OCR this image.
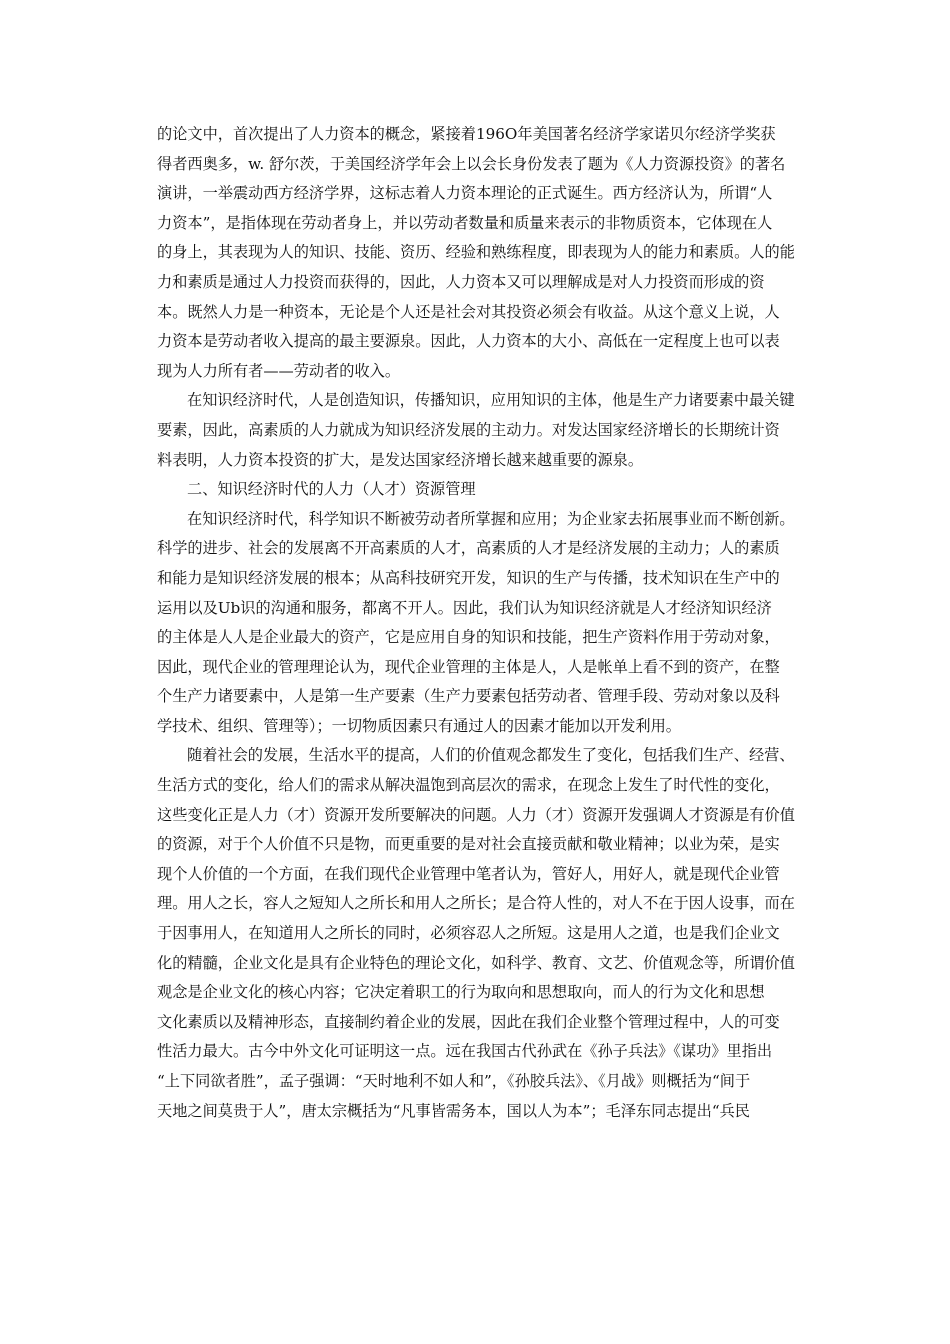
的论文中，首次提出了人力资本的概念，紧接着196O年美国著名经济学家诺贝尔经济学奖获
得者西奥多，w. 舒尔茨，于美国经济学年会上以会长身份发表了题为《人力资源投资》的著名
演讲，一举震动西方经济学界，这标志着人力资本理论的正式诞生。西方经济认为，所谓“人
力资本”，是指体现在劳动者身上，并以劳动者数量和质量来表示的非物质资本，它体现在人
的身上，其表现为人的知识、技能、资历、经验和熟练程度，即表现为人的能力和素质。人的能
力和素质是通过人力投资而获得的，因此，人力资本又可以理解成是对人力投资而形成的资
本。既然人力是一种资本，无论是个人还是社会对其投资必须会有收益。从这个意义上说，人
力资本是劳动者收入提高的最主要源泉。因此，人力资本的大小、高低在一定程度上也可以表
现为人力所有者——劳动者的收入。
在知识经济时代，人是创造知识，传播知识，应用知识的主体，他是生产力诸要素中最关键
要素，因此，高素质的人力就成为知识经济发展的主动力。对发达国家经济增长的长期统计资
料表明，人力资本投资的扩大，是发达国家经济增长越来越重要的源泉。
二、知识经济时代的人力（人才）资源管理
在知识经济时代，科学知识不断被劳动者所掌握和应用；为企业家去拓展事业而不断创新。
科学的进步、社会的发展离不开高素质的人才，高素质的人才是经济发展的主动力；人的素质
和能力是知识经济发展的根本；从高科技研究开发，知识的生产与传播，技术知识在生产中的
运用以及Ub识的沟通和服务，都离不开人。因此，我们认为知识经济就是人才经济知识经济
的主体是人人是企业最大的资产，它是应用自身的知识和技能，把生产资料作用于劳动对象，
因此，现代企业的管理理论认为，现代企业管理的主体是人，人是帐单上看不到的资产，在整
个生产力诸要素中，人是第一生产要素（生产力要素包括劳动者、管理手段、劳动对象以及科
学技术、组织、管理等）；一切物质因素只有通过人的因素才能加以开发利用。
随着社会的发展，生活水平的提高，人们的价值观念都发生了变化，包括我们生产、经营、
生活方式的变化，给人们的需求从解决温饱到高层次的需求，在现念上发生了时代性的变化，
这些变化正是人力（才）资源开发所要解决的问题。人力（才）资源开发强调人才资源是有价值
的资源，对于个人价值不只是物，而更重要的是对社会直接贡献和敬业精神；以业为荣，是实
现个人价值的一个方面，在我们现代企业管理中笔者认为，管好人，用好人，就是现代企业管
理。用人之长，容人之短知人之所长和用人之所长；是合符人性的，对人不在于因人设事，而在
于因事用人，在知道用人之所长的同时，必须容忍人之所短。这是用人之道，也是我们企业文
化的精髓，企业文化是具有企业特色的理论文化，如科学、教育、文艺、价值观念等，所谓价值
观念是企业文化的核心内容；它决定着职工的行为取向和思想取向，而人的行为文化和思想
文化素质以及精神形态，直接制约着企业的发展，因此在我们企业整个管理过程中，人的可变
性活力最大。古今中外文化可证明这一点。远在我国古代孙武在《孙子兵法》《谋功》里指出
“上下同欲者胜”，孟子强调：“天时地利不如人和”，《孙胶兵法》、《月战》则概括为“间于
天地之间莫贵于人”，唐太宗概括为“凡事皆需务本，国以人为本”；毛泽东同志提出“兵民
